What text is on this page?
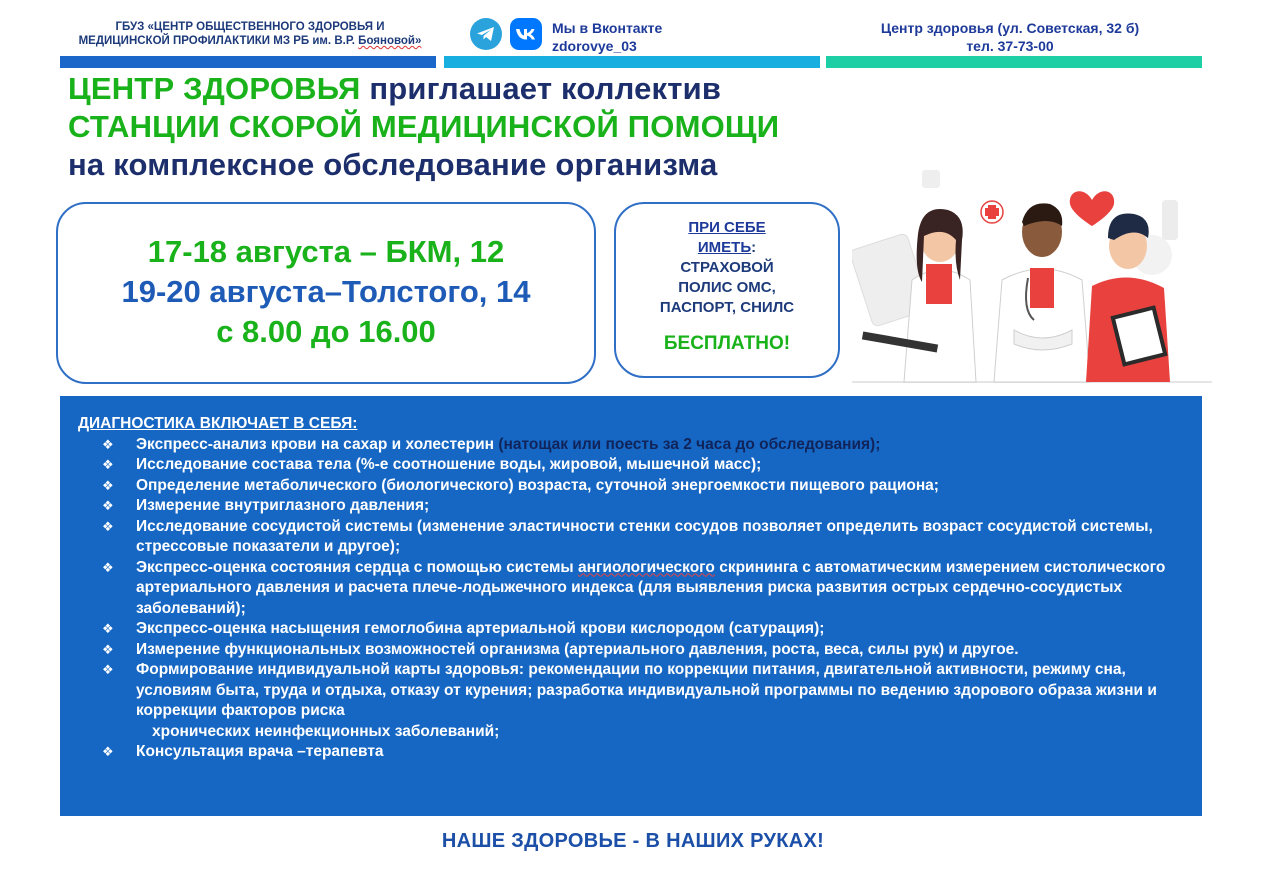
ГБУЗ «ЦЕНТР ОБЩЕСТВЕННОГО ЗДОРОВЬЯ И
МЕДИЦИНСКОЙ ПРОФИЛАКТИКИ МЗ РБ им. В.Р. Бояновой»
Мы в Вконтакте
zdorovye_03
Центр здоровья (ул. Советская, 32 б)
тел. 37-73-00
ЦЕНТР ЗДОРОВЬЯ приглашает коллектив
СТАНЦИИ СКОРОЙ МЕДИЦИНСКОЙ ПОМОЩИ
на комплексное обследование организма
17-18 августа – БКМ, 12
19-20 августа–Толстого, 14
с 8.00 до 16.00
ПРИ СЕБЕ
ИМЕТЬ:
СТРАХОВОЙ
ПОЛИС ОМС,
ПАСПОРТ, СНИЛС
БЕСПЛАТНО!
ДИАГНОСТИКА ВКЛЮЧАЕТ В СЕБЯ:
❖ Экспресс-анализ крови на сахар и холестерин (натощак или поесть за 2 часа до обследования);
❖ Исследование состава тела (%-е соотношение воды, жировой, мышечной масс);
❖ Определение метаболического (биологического) возраста, суточной энергоемкости пищевого рациона;
❖ Измерение внутриглазного давления;
❖ Исследование сосудистой системы (изменение эластичности стенки сосудов позволяет определить возраст сосудистой системы, стрессовые показатели и другое);
❖ Экспресс-оценка состояния сердца с помощью системы ангиологического скрининга с автоматическим измерением систолического артериального давления и расчета плече-лодыжечного индекса (для выявления риска развития острых сердечно-сосудистых заболеваний);
❖ Экспресс-оценка насыщения гемоглобина артериальной крови кислородом (сатурация);
❖ Измерение функциональных возможностей организма (артериального давления, роста, веса, силы рук) и другое.
❖ Формирование индивидуальной карты здоровья: рекомендации по коррекции питания, двигательной активности, режиму сна, условиям быта, труда и отдыха, отказу от курения; разработка индивидуальной программы по ведению здорового образа жизни и коррекции факторов риска
хронических неинфекционных заболеваний;
❖ Консультация врача –терапевта
НАШЕ ЗДОРОВЬЕ - В НАШИХ РУКАХ!
